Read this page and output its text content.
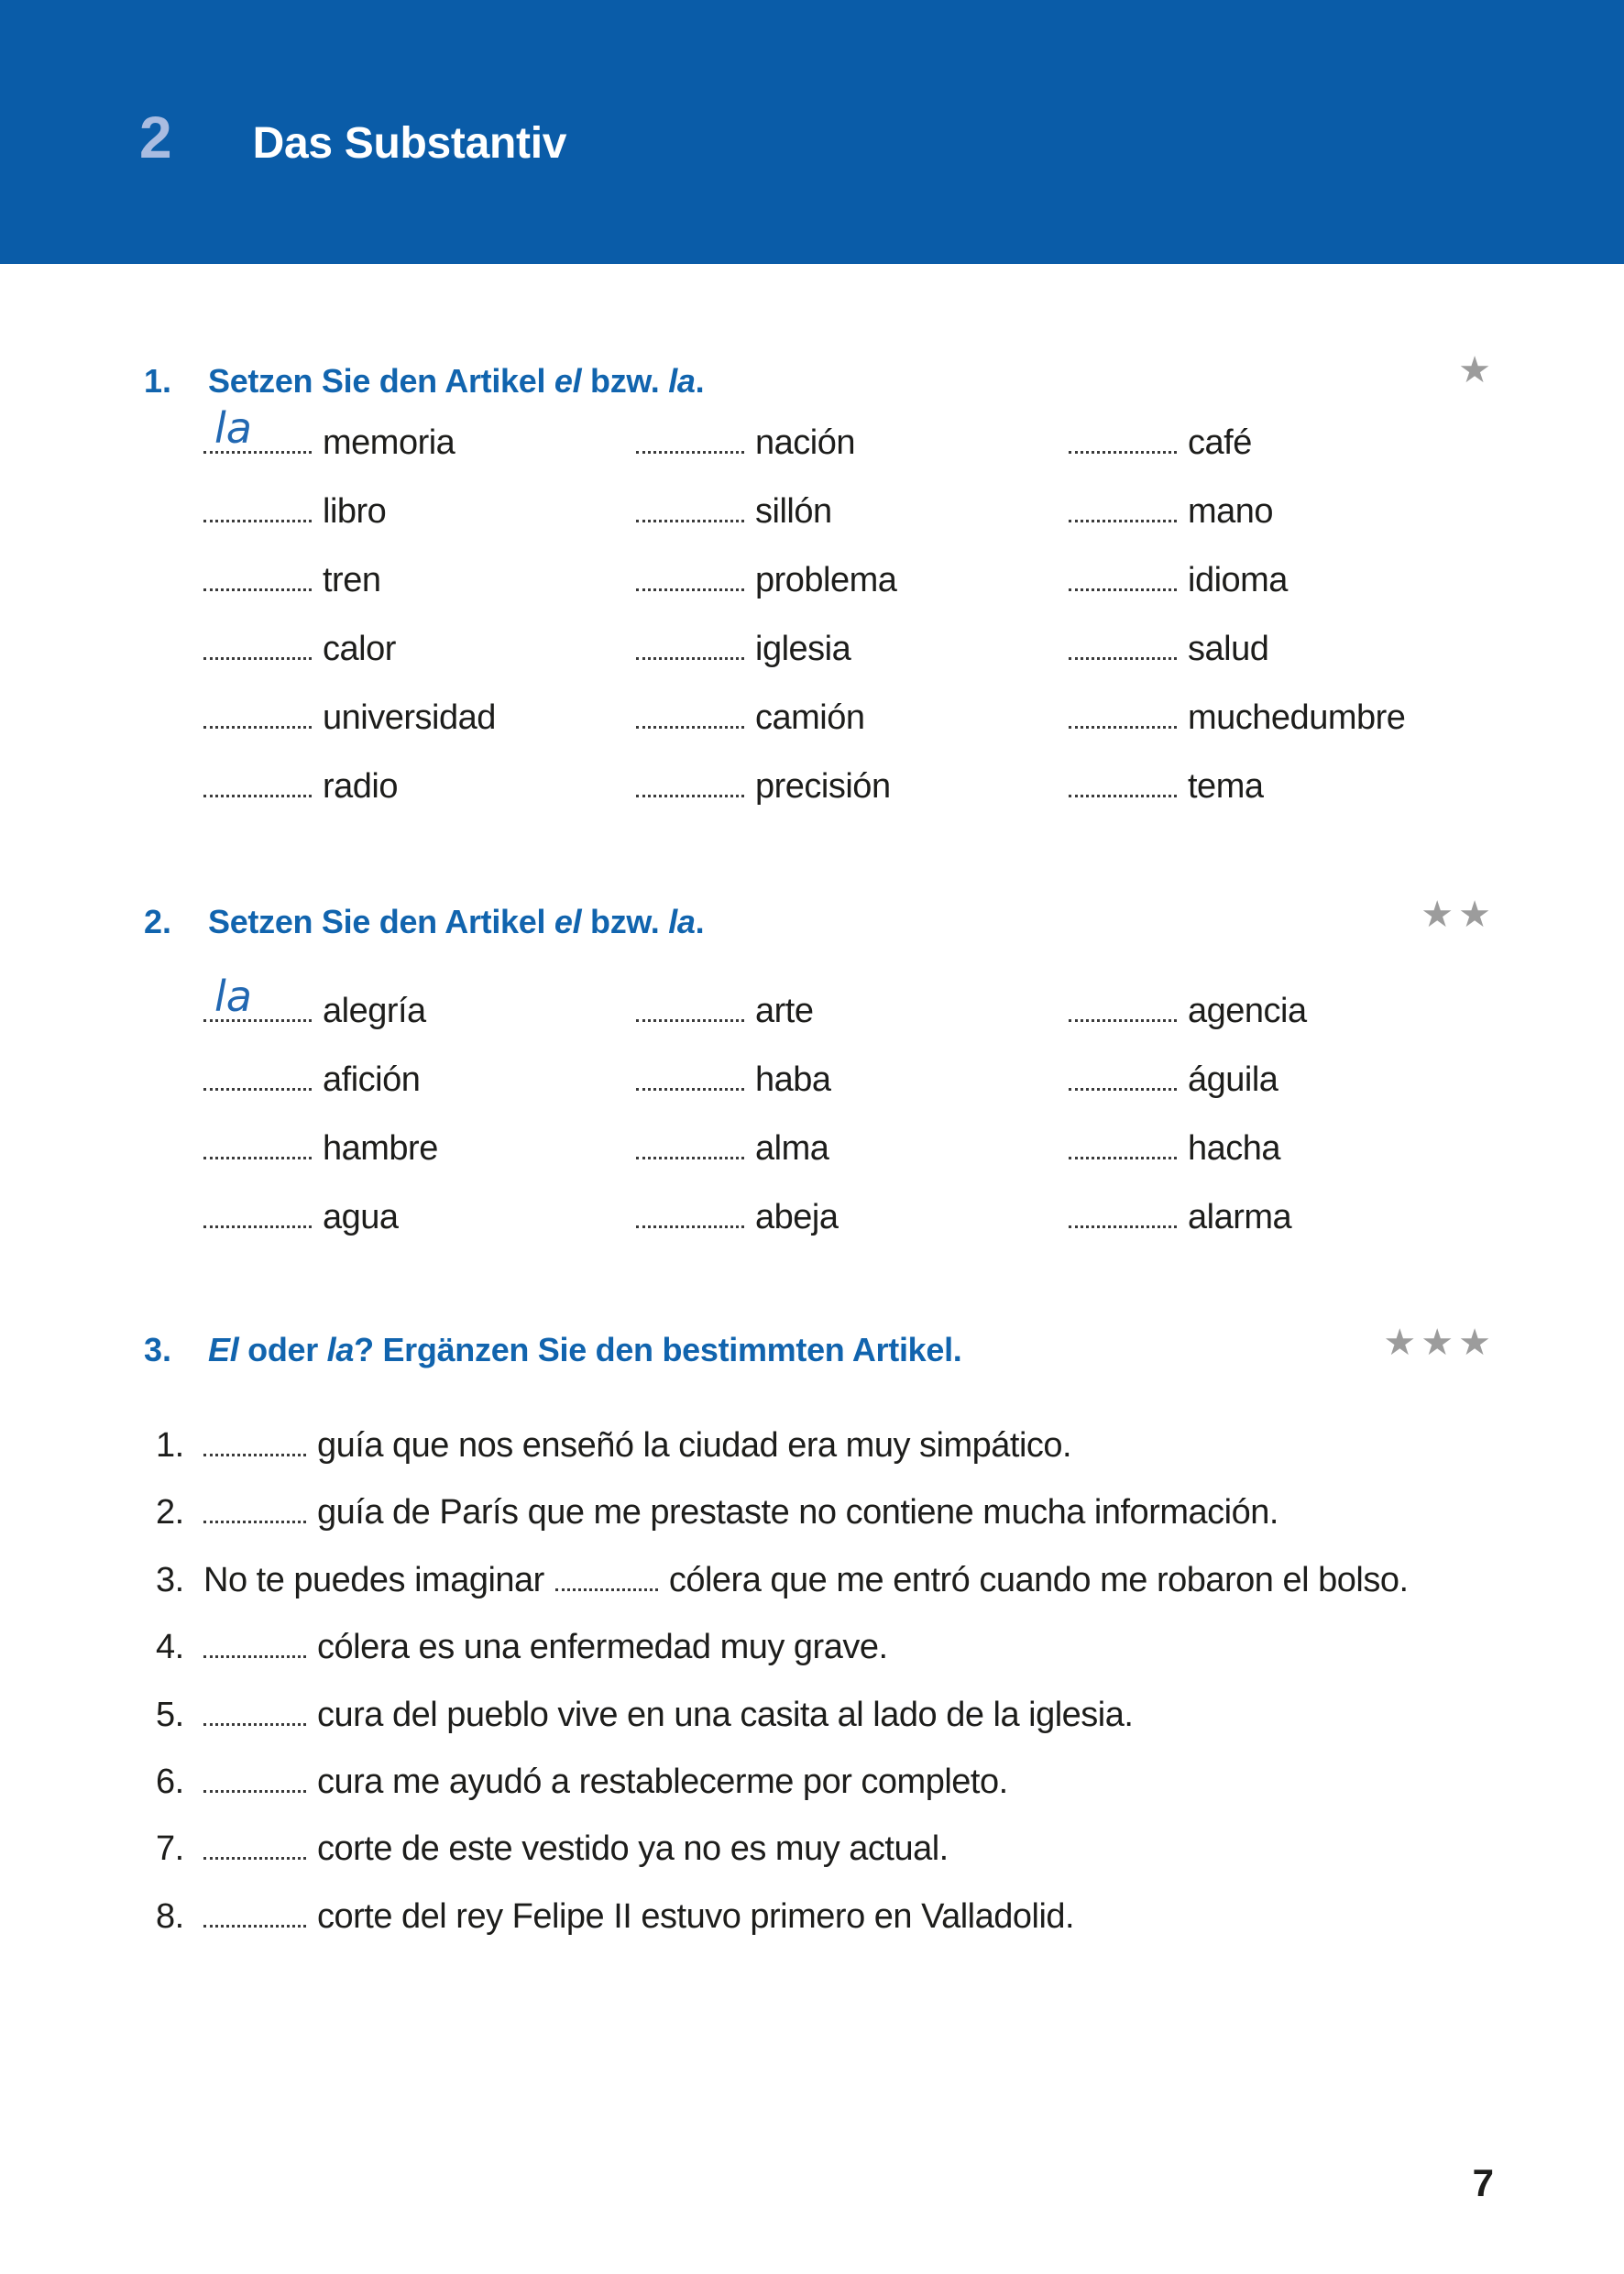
2 Das Substantiv
1. Setzen Sie den Artikel el bzw. la.	★
la memoria	nación	café
libro	sillón	mano
tren	problema	idioma
calor	iglesia	salud
universidad	camión	muchedumbre
radio	precisión	tema
2. Setzen Sie den Artikel el bzw. la.	★★
la alegría	arte	agencia
afición	haba	águila
hambre	alma	hacha
agua	abeja	alarma
3. El oder la? Ergänzen Sie den bestimmten Artikel.	★★★
1.	guía que nos enseñó la ciudad era muy simpático.
2.	guía de París que me prestaste no contiene mucha información.
3. No te puedes imaginar	cólera que me entró cuando me robaron el bolso.
4.	cólera es una enfermedad muy grave.
5.	cura del pueblo vive en una casita al lado de la iglesia.
6.	cura me ayudó a restablecerme por completo.
7.	corte de este vestido ya no es muy actual.
8.	corte del rey Felipe II estuvo primero en Valladolid.
7
